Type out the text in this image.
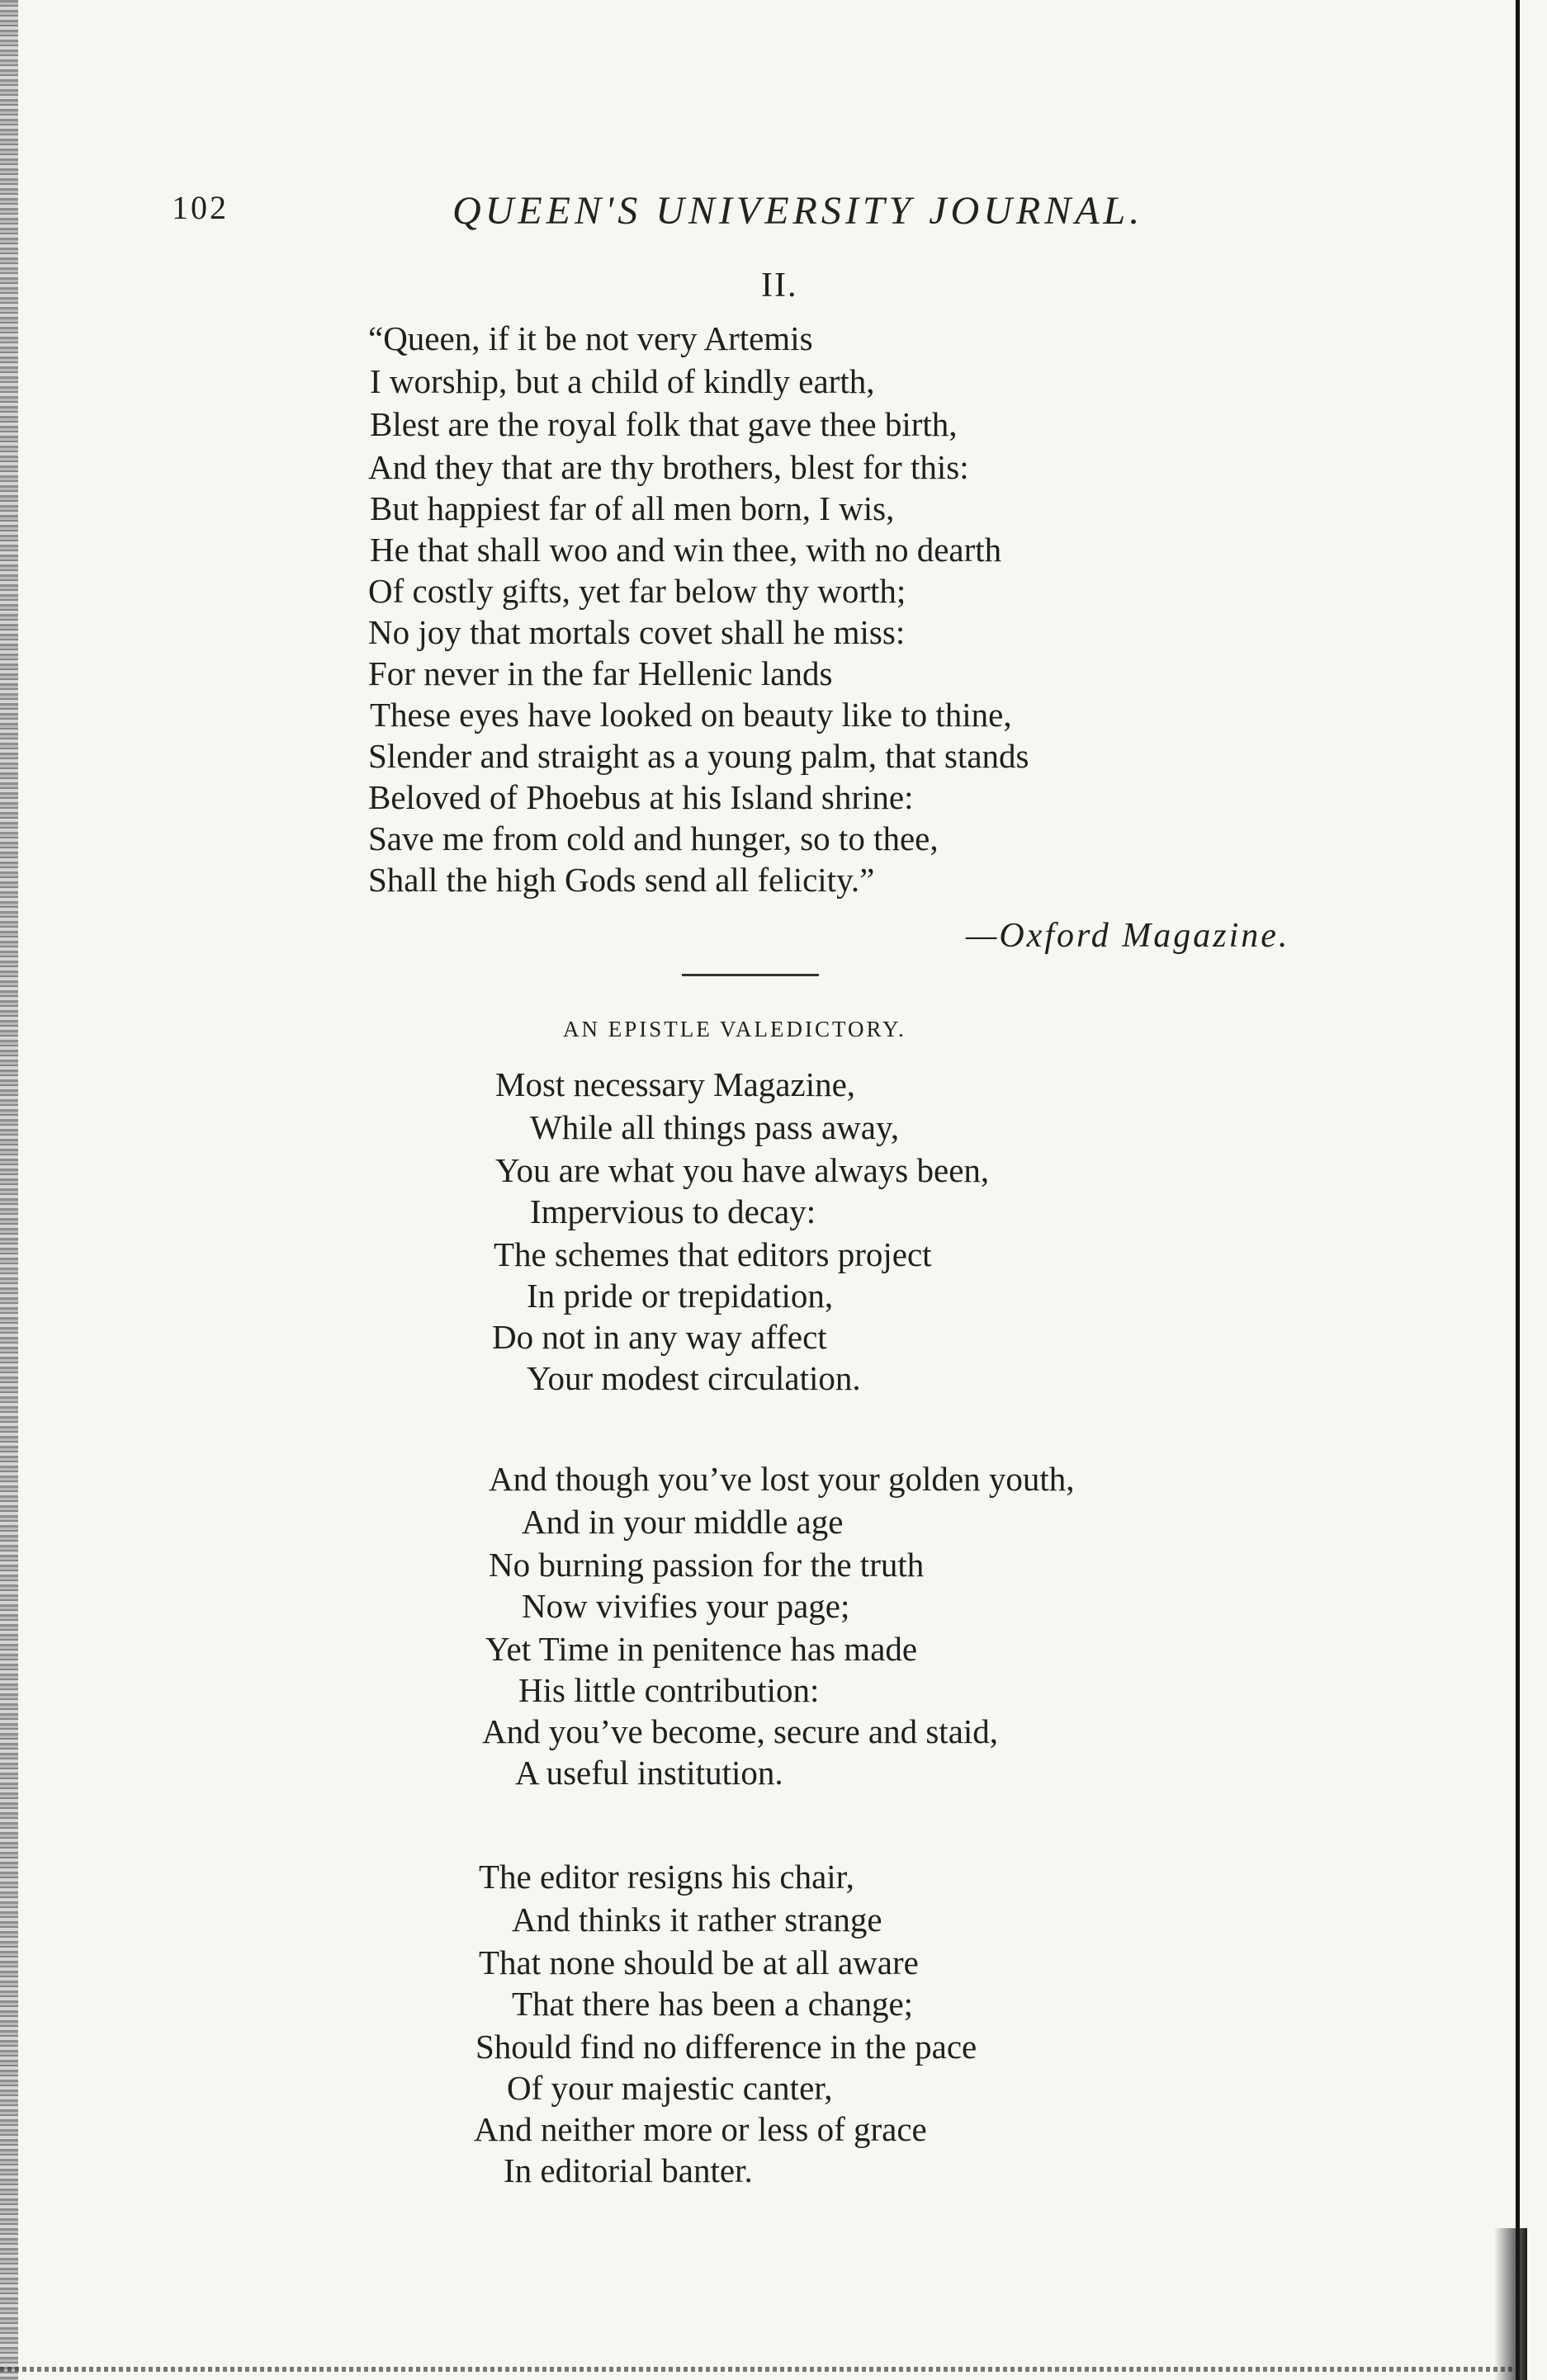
102	QUEEN'S UNIVERSITY JOURNAL.
II.
“Queen, if it be not very Artemis
I worship, but a child of kindly earth,
Blest are the royal folk that gave thee birth,
And they that are thy brothers, blest for this:
But happiest far of all men born, I wis,
He that shall woo and win thee, with no dearth
Of costly gifts, yet far below thy worth;
No joy that mortals covet shall he miss:
For never in the far Hellenic lands
These eyes have looked on beauty like to thine,
Slender and straight as a young palm, that stands
Beloved of Phoebus at his Island shrine:
Save me from cold and hunger, so to thee,
Shall the high Gods send all felicity.”
—Oxford Magazine.
AN EPISTLE VALEDICTORY.
Most necessary Magazine,
While all things pass away,
You are what you have always been,
Impervious to decay:
The schemes that editors project
In pride or trepidation,
Do not in any way affect
Your modest circulation.
And though you’ve lost your golden youth,
And in your middle age
No burning passion for the truth
Now vivifies your page;
Yet Time in penitence has made
His little contribution:
And you’ve become, secure and staid,
A useful institution.
The editor resigns his chair,
And thinks it rather strange
That none should be at all aware
That there has been a change;
Should find no difference in the pace
Of your majestic canter,
And neither more or less of grace
In editorial banter.
